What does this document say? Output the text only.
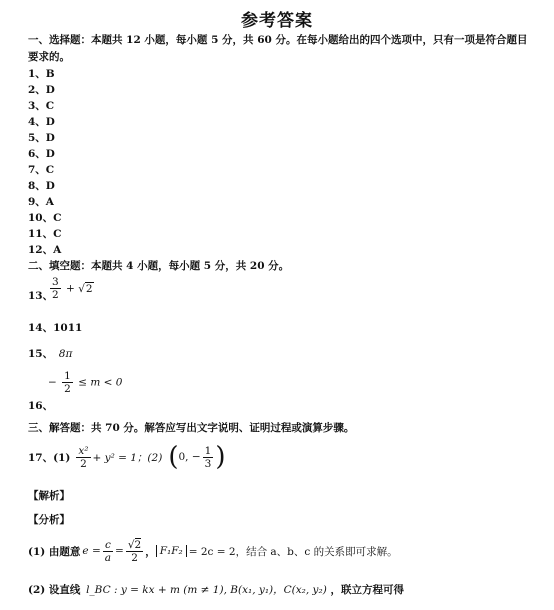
参考答案
一、选择题：本题共 12 小题，每小题 5 分，共 60 分。在每小题给出的四个选项中，只有一项是符合题目
要求的。
1、B
2、D
3、C
4、D
5、D
6、D
7、C
8、D
9、A
10、C
11、C
12、A
二、填空题：本题共 4 小题，每小题 5 分，共 20 分。
13、
$\frac{3}{2} + √2$
14、1011
15、 8π
− $\frac{1}{2} \le m < 0$
16、
三、解答题：共 70 分。解答应写出文字说明、证明过程或演算步骤。
17、$(1) \frac{\text{x²}}{2} + y^2 = 1$；(2) ( 0, − $\frac{1}{3}$ )
【解析】
【分析】
(1) 由题意 $e = \frac{c}{a} = \frac{√2}{2}$ ， F₁F₂ = 2c = 2，结合 a、b、c 的关系即可求解。
(2) 设直线 l_BC : y = kx + m (m ≠ 1), B(x₁, y₁)，C(x₂, y₂) ，联立方程可得
